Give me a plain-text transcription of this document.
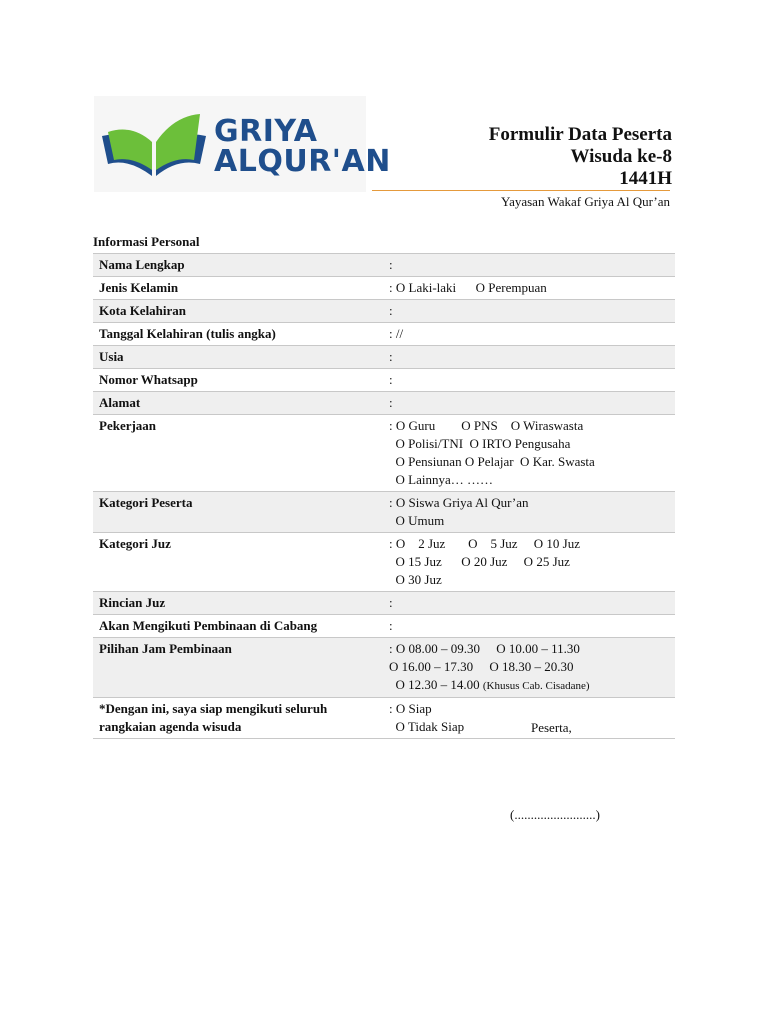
GRIYA
ALQUR'AN
Formulir Data Peserta
Wisuda ke-8
1441H
Yayasan Wakaf Griya Al Qur’an
Informasi Personal
Nama Lengkap	:

Jenis Kelamin	: O Laki-laki      O Perempuan

Kota Kelahiran	:

Tanggal Kelahiran (tulis angka)	: //

Usia	:

Nomor Whatsapp	:

Alamat	:

Pekerjaan	: O Guru        O PNS    O Wiraswasta
O Polisi/TNI  O IRTO Pengusaha
O Pensiunan O Pelajar  O Kar. Swasta
O Lainnya… ……

Kategori Peserta	: O Siswa Griya Al Qur’an
O Umum

Kategori Juz	: O    2 Juz       O    5 Juz     O 10 Juz
O 15 Juz      O 20 Juz     O 25 Juz
O 30 Juz

Rincian Juz	:

Akan Mengikuti Pembinaan di Cabang	:

Pilihan Jam Pembinaan	: O 08.00 – 09.30     O 10.00 – 11.30
O 16.00 – 17.30     O 18.30 – 20.30
O 12.30 – 14.00 (Khusus Cab. Cisadane)

*Dengan ini, saya siap mengikuti seluruh rangkaian agenda wisuda	: O Siap
O Tidak Siap	Peserta,
(.........................)
